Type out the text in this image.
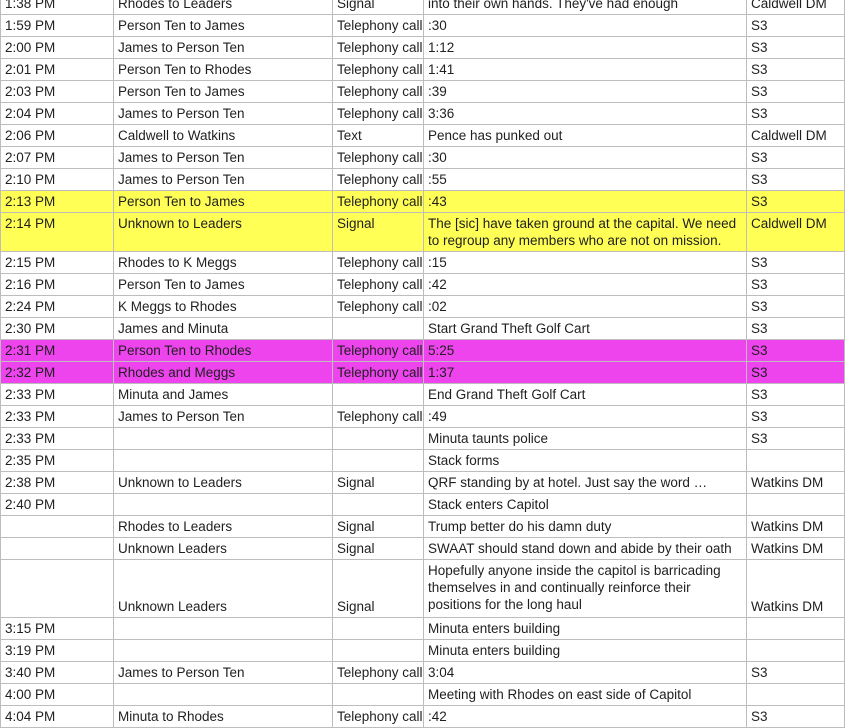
1:38 PM	Rhodes to Leaders	Signal	into their own hands. They've had enough	Caldwell DM
1:59 PM	Person Ten to James	Telephony call	:30	S3
2:00 PM	James to Person Ten	Telephony call	1:12	S3
2:01 PM	Person Ten to Rhodes	Telephony call	1:41	S3
2:03 PM	Person Ten to James	Telephony call	:39	S3
2:04 PM	James to Person Ten	Telephony call	3:36	S3
2:06 PM	Caldwell to Watkins	Text	Pence has punked out	Caldwell DM
2:07 PM	James to Person Ten	Telephony call	:30	S3
2:10 PM	James to Person Ten	Telephony call	:55	S3
2:13 PM	Person Ten to James	Telephony call	:43	S3
2:14 PM	Unknown to Leaders	Signal	The [sic] have taken ground at the capital. We need to regroup any members who are not on mission.	Caldwell DM
2:15 PM	Rhodes to K Meggs	Telephony call	:15	S3
2:16 PM	Person Ten to James	Telephony call	:42	S3
2:24 PM	K Meggs to Rhodes	Telephony call	:02	S3
2:30 PM	James and Minuta		Start Grand Theft Golf Cart	S3
2:31 PM	Person Ten to Rhodes	Telephony call	5:25	S3
2:32 PM	Rhodes and Meggs	Telephony call	1:37	S3
2:33 PM	Minuta and James		End Grand Theft Golf Cart	S3
2:33 PM	James to Person Ten	Telephony call	:49	S3
2:33 PM			Minuta taunts police	S3
2:35 PM			Stack forms	
2:38 PM	Unknown to Leaders	Signal	QRF standing by at hotel. Just say the word …	Watkins DM
2:40 PM			Stack enters Capitol	
	Rhodes to Leaders	Signal	Trump better do his damn duty	Watkins DM
	Unknown Leaders	Signal	SWAAT should stand down and abide by their oath	Watkins DM
	Unknown Leaders	Signal	Hopefully anyone inside the capitol is barricading themselves in and continually reinforce their positions for the long haul	Watkins DM
3:15 PM			Minuta enters building	
3:19 PM			Minuta enters building	
3:40 PM	James to Person Ten	Telephony call	3:04	S3
4:00 PM			Meeting with Rhodes on east side of Capitol	
4:04 PM	Minuta to Rhodes	Telephony call	:42	S3
